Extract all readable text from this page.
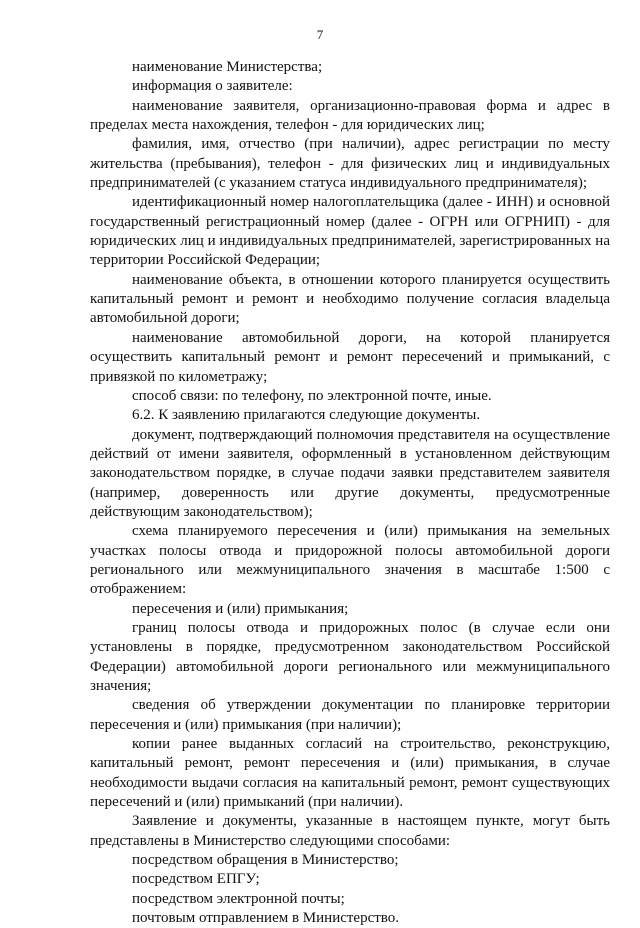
7

наименование Министерства;

информация о заявителе:

наименование заявителя, организационно-правовая форма и адрес в пределах места нахождения, телефон - для юридических лиц;

фамилия, имя, отчество (при наличии), адрес регистрации по месту жительства (пребывания), телефон - для физических лиц и индивидуальных предпринимателей (с указанием статуса индивидуального предпринимателя);

идентификационный номер налогоплательщика (далее - ИНН) и основной государственный регистрационный номер (далее - ОГРН или ОГРНИП) - для юридических лиц и индивидуальных предпринимателей, зарегистрированных на территории Российской Федерации;

наименование объекта, в отношении которого планируется осуществить капитальный ремонт и ремонт и необходимо получение согласия владельца автомобильной дороги;

наименование автомобильной дороги, на которой планируется осуществить капитальный ремонт и ремонт пересечений и примыканий, с привязкой по километражу;

способ связи: по телефону, по электронной почте, иные.

6.2. К заявлению прилагаются следующие документы.

документ, подтверждающий полномочия представителя на осуществление действий от имени заявителя, оформленный в установленном действующим законодательством порядке, в случае подачи заявки представителем заявителя (например, доверенность или другие документы, предусмотренные действующим законодательством);

схема планируемого пересечения и (или) примыкания на земельных участках полосы отвода и придорожной полосы автомобильной дороги регионального или межмуниципального значения в масштабе 1:500 с отображением:

пересечения и (или) примыкания;

границ полосы отвода и придорожных полос (в случае если они установлены в порядке, предусмотренном законодательством Российской Федерации) автомобильной дороги регионального или межмуниципального значения;

сведения об утверждении документации по планировке территории пересечения и (или) примыкания (при наличии);

копии ранее выданных согласий на строительство, реконструкцию, капитальный ремонт, ремонт пересечения и (или) примыкания, в случае необходимости выдачи согласия на капитальный ремонт, ремонт существующих пересечений и (или) примыканий (при наличии).

Заявление и документы, указанные в настоящем пункте, могут быть представлены в Министерство следующими способами:

посредством обращения в Министерство;

посредством ЕПГУ;

посредством электронной почты;

почтовым отправлением в Министерство.
